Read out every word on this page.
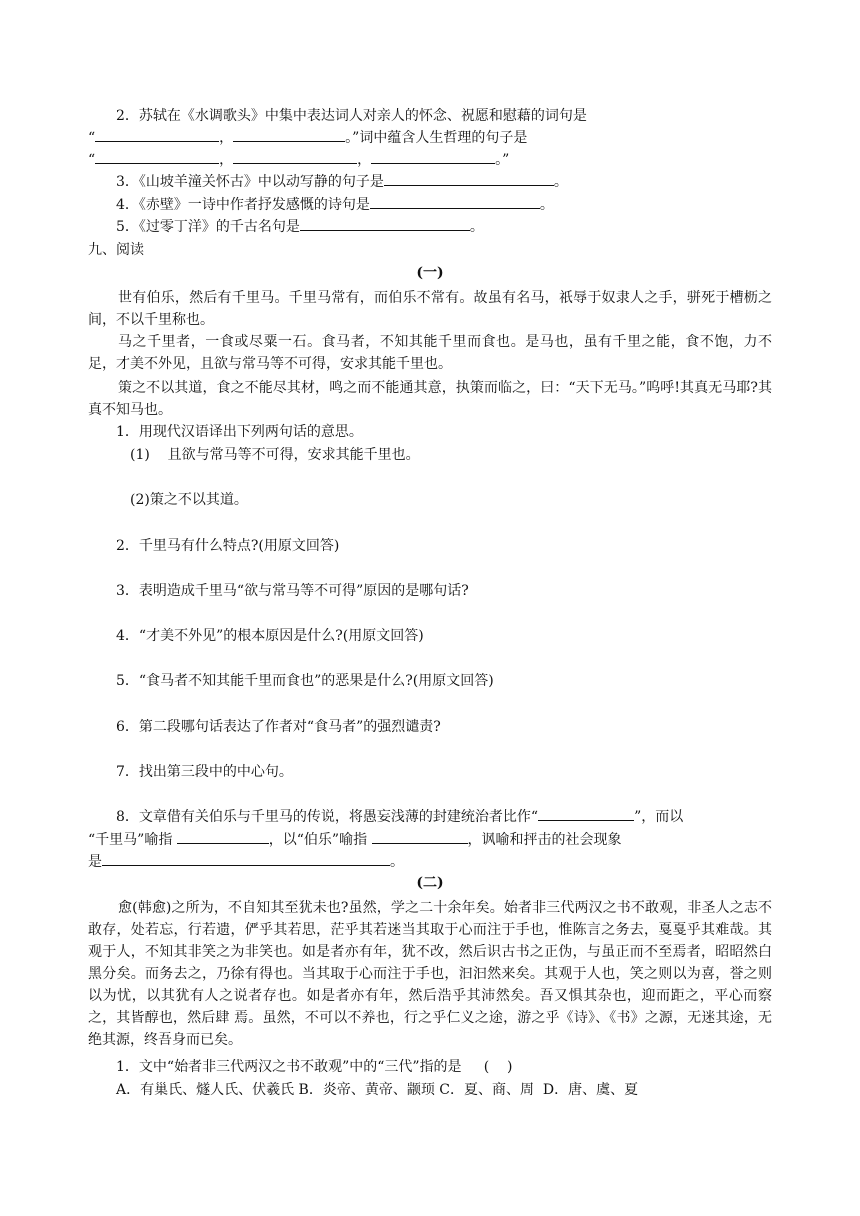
2．苏轼在《水调歌头》中集中表达词人对亲人的怀念、祝愿和慰藉的词句是
“	，	。”词中蕴含人生哲理的句子是
“	，	，	。”
3．《山坡羊潼关怀古》中以动写静的句子是	。
4．《赤壁》一诗中作者抒发感慨的诗句是	。
5．《过零丁洋》的千古名句是	。
九、阅读
(一)
世有伯乐，然后有千里马。千里马常有，而伯乐不常有。故虽有名马，祇辱于奴隶人之手，骈死于槽枥之间，不以千里称也。
马之千里者，一食或尽粟一石。食马者，不知其能千里而食也。是马也，虽有千里之能，食不饱，力不足，才美不外见，且欲与常马等不可得，安求其能千里也。
策之不以其道，食之不能尽其材，鸣之而不能通其意，执策而临之，曰：“天下无马。”呜呼!其真无马耶?其真不知马也。
1．用现代汉语译出下列两句话的意思。
(1)    且欲与常马等不可得，安求其能千里也。
(2)策之不以其道。
2．千里马有什么特点?(用原文回答)
3．表明造成千里马“欲与常马等不可得”原因的是哪句话?
4．“才美不外见”的根本原因是什么?(用原文回答)
5．“食马者不知其能千里而食也”的恶果是什么?(用原文回答)
6．第二段哪句话表达了作者对“食马者”的强烈谴责?
7．找出第三段中的中心句。
8．文章借有关伯乐与千里马的传说，将愚妄浅薄的封建统治者比作“	”，而以
“千里马”喻指	，以“伯乐”喻指	，讽喻和抨击的社会现象
是	。
(二)
愈(韩愈)之所为，不自知其至犹未也?虽然，学之二十余年矣。始者非三代两汉之书不敢观，非圣人之志不敢存，处若忘，行若遗，俨乎其若思，茫乎其若迷当其取于心而注于手也，惟陈言之务去，戛戛乎其难哉。其观于人，不知其非笑之为非笑也。如是者亦有年，犹不改，然后识古书之正伪，与虽正而不至焉者，昭昭然白黑分矣。而务去之，乃徐有得也。当其取于心而注于手也，汩汩然来矣。其观于人也，笑之则以为喜，誉之则以为忧，以其犹有人之说者存也。如是者亦有年，然后浩乎其沛然矣。吾又惧其杂也，迎而距之，平心而察之，其皆醇也，然后肆 焉。虽然，不可以不养也，行之乎仁义之途，游之乎《诗》、《书》之源，无迷其途，无绝其源，终吾身而已矣。
1．文中“始者非三代两汉之书不敢观”中的“三代”指的是     (    )
A．有巢氏、燧人氏、伏羲氏 B．炎帝、黄帝、颛顼 C．夏、商、周  D．唐、虞、夏
